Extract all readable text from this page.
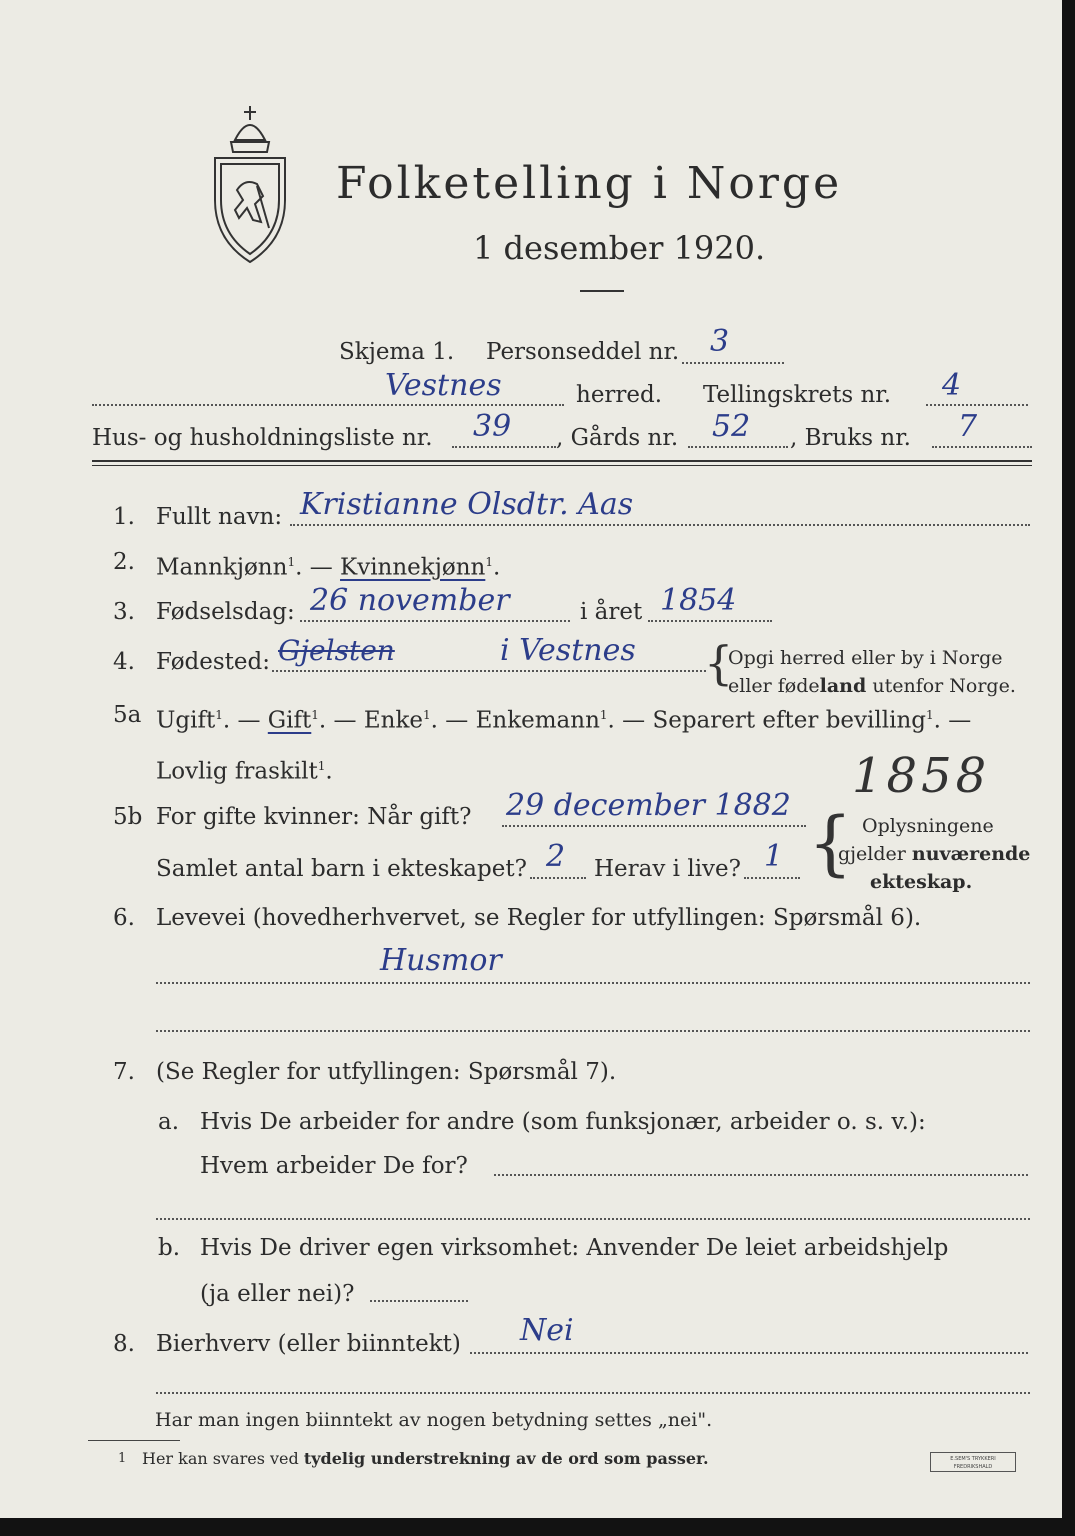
Folketelling i Norge
1 desember 1920.
Skjema 1. Personseddel nr. 3
Vestnes	herred. Tellingskrets nr. 4
Hus- og husholdningsliste nr. 39 , Gårds nr. 52 , Bruks nr. 7
1. Fullt navn: Kristianne Olsdtr. Aas
2. Mannkjønn$^1$. — Kvinnekjønn$^1$.
3. Fødselsdag: 26 november	i året 1854
4. Fødested: Gjelsten	i Vestnes {
Opgi herred eller by i Norge
eller fødeland utenfor Norge.
5a Ugift$^1$. — Gift$^1$. — Enke$^1$. — Enkemann$^1$. — Separert efter bevilling$^1$. —
Lovlig fraskilt$^1$.	1858
5b For gifte kvinner: Når gift? 29 december 1882
Samlet antal barn i ekteskapet? 2 Herav i live? 1 { Oplysningene
gjelder nuværende
ekteskap.
6. Levevei (hovedherhvervet, se Regler for utfyllingen: Spørsmål 6).
Husmor
7. (Se Regler for utfyllingen: Spørsmål 7).
a. Hvis De arbeider for andre (som funksjonær, arbeider o. s. v.):
Hvem arbeider De for?
b. Hvis De driver egen virksomhet: Anvender De leiet arbeidshjelp
(ja eller nei)?
8. Bierhverv (eller biinntekt) Nei
Har man ingen biinntekt av nogen betydning settes „nei".
1 Her kan svares ved tydelig understrekning av de ord som passer.	E.SEM'S TRYKKERI
FREDRIKSHALD
